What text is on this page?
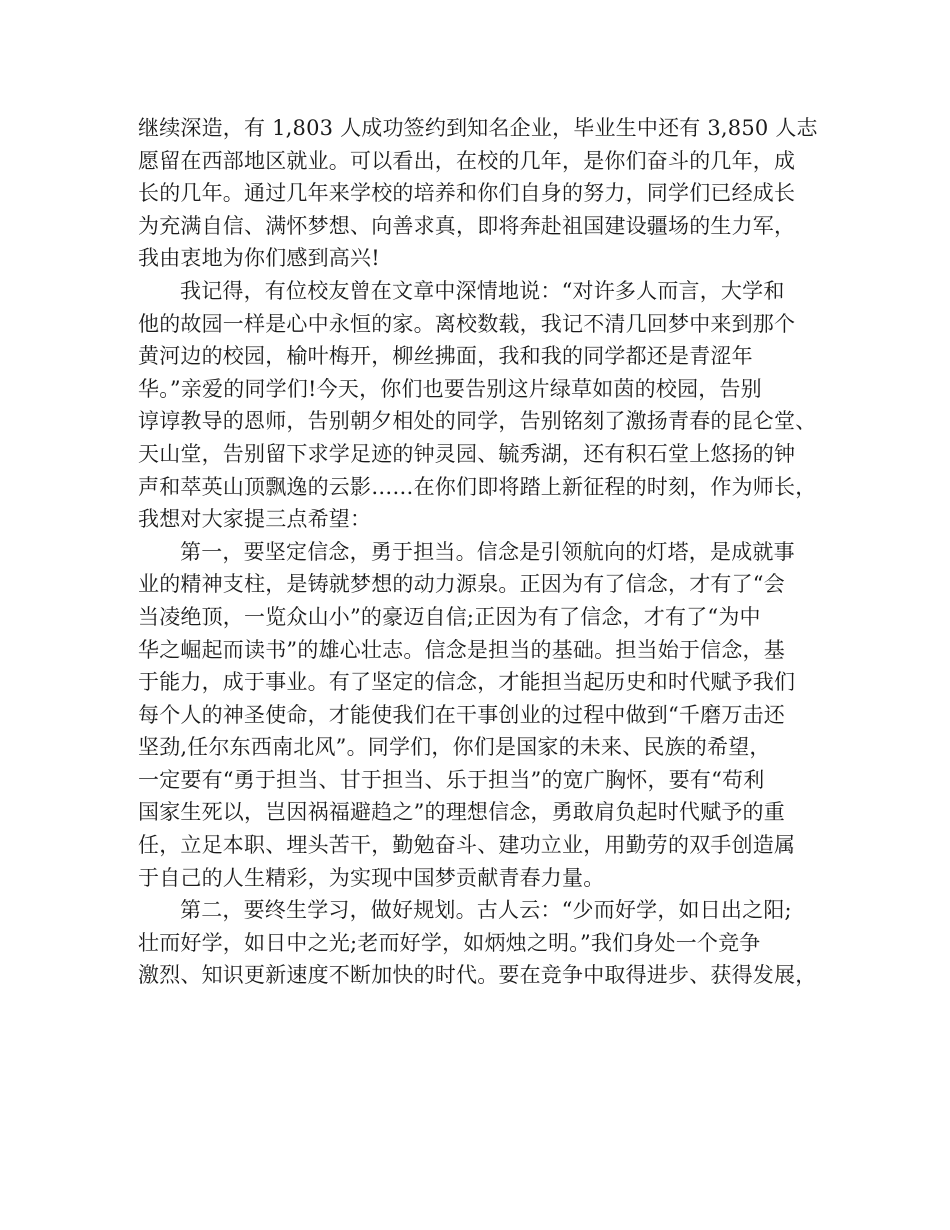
继续深造，有 1,803 人成功签约到知名企业，毕业生中还有 3,850 人志
愿留在西部地区就业。可以看出，在校的几年，是你们奋斗的几年，成
长的几年。通过几年来学校的培养和你们自身的努力，同学们已经成长
为充满自信、满怀梦想、向善求真，即将奔赴祖国建设疆场的生力军，
我由衷地为你们感到高兴!
我记得，有位校友曾在文章中深情地说：“对许多人而言，大学和
他的故园一样是心中永恒的家。离校数载，我记不清几回梦中来到那个
黄河边的校园，榆叶梅开，柳丝拂面，我和我的同学都还是青涩年
华。”亲爱的同学们!今天，你们也要告别这片绿草如茵的校园，告别
谆谆教导的恩师，告别朝夕相处的同学，告别铭刻了激扬青春的昆仑堂、
天山堂，告别留下求学足迹的钟灵园、毓秀湖，还有积石堂上悠扬的钟
声和萃英山顶飘逸的云影……在你们即将踏上新征程的时刻，作为师长，
我想对大家提三点希望：
第一，要坚定信念，勇于担当。信念是引领航向的灯塔，是成就事
业的精神支柱，是铸就梦想的动力源泉。正因为有了信念，才有了“会
当凌绝顶，一览众山小”的豪迈自信;正因为有了信念，才有了“为中
华之崛起而读书”的雄心壮志。信念是担当的基础。担当始于信念，基
于能力，成于事业。有了坚定的信念，才能担当起历史和时代赋予我们
每个人的神圣使命，才能使我们在干事创业的过程中做到“千磨万击还
坚劲,任尔东西南北风”。同学们，你们是国家的未来、民族的希望，
一定要有“勇于担当、甘于担当、乐于担当”的宽广胸怀，要有“苟利
国家生死以，岂因祸福避趋之”的理想信念，勇敢肩负起时代赋予的重
任，立足本职、埋头苦干，勤勉奋斗、建功立业，用勤劳的双手创造属
于自己的人生精彩，为实现中国梦贡献青春力量。
第二，要终生学习，做好规划。古人云：“少而好学，如日出之阳;
壮而好学，如日中之光;老而好学，如炳烛之明。”我们身处一个竞争
激烈、知识更新速度不断加快的时代。要在竞争中取得进步、获得发展，
